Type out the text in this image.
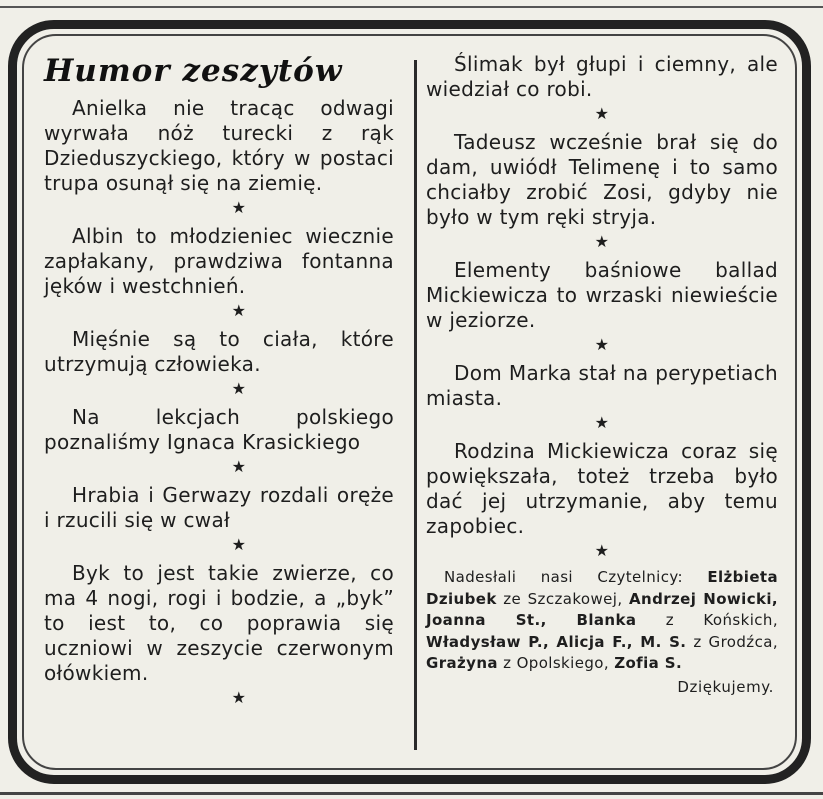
Humor zeszytów

Anielka nie tracąc odwagi wyrwała nóż turecki z rąk Dzieduszyckiego, który w postaci trupa osunął się na ziemię.

★

Albin to młodzieniec wiecznie zapłakany, prawdziwa fontanna jęków i westchnień.

★

Mięśnie są to ciała, które utrzymują człowieka.

★

Na lekcjach polskiego poznaliśmy Ignaca Krasickiego

★

Hrabia i Gerwazy rozdali oręże i rzucili się w cwał

★

Byk to jest takie zwierze, co ma 4 nogi, rogi i bodzie, a „byk” to iest to, co poprawia się uczniowi w zeszycie czerwonym ołówkiem.

★

Ślimak był głupi i ciemny, ale wiedział co robi.

★

Tadeusz wcześnie brał się do dam, uwiódł Telimenę i to samo chciałby zrobić Zosi, gdyby nie było w tym ręki stryja.

★

Elementy baśniowe ballad Mickiewicza to wrzaski niewieście w jeziorze.

★

Dom Marka stał na perypetiach miasta.

★

Rodzina Mickiewicza coraz się powiększała, toteż trzeba było dać jej utrzymanie, aby temu zapobiec.

★

Nadesłali nasi Czytelnicy: Elżbieta Dziubek ze Szczakowej, Andrzej Nowicki, Joanna St., Blanka z Końskich, Władysław P., Alicja F., M. S. z Grodźca, Grażyna z Opolskiego, Zofia S.

Dziękujemy.
